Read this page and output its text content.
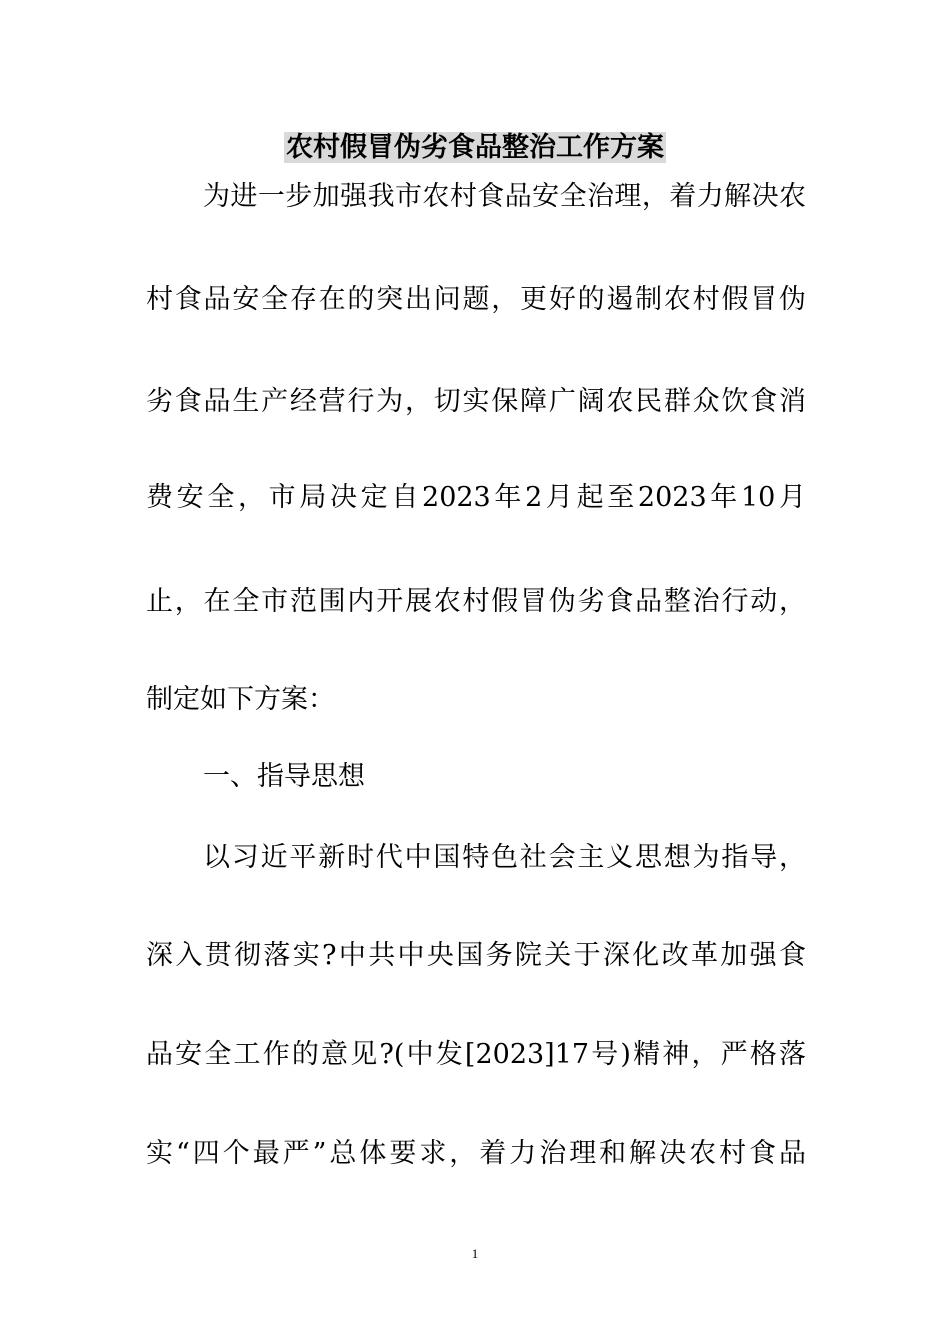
农村假冒伪劣食品整治工作方案
为进一步加强我市农村食品安全治理，着力解决农
村食品安全存在的突出问题，更好的遏制农村假冒伪
劣食品生产经营行为，切实保障广阔农民群众饮食消
费安全，市局决定自2023年2月起至2023年10月
止，在全市范围内开展农村假冒伪劣食品整治行动，
制定如下方案：
一、指导思想
以习近平新时代中国特色社会主义思想为指导，
深入贯彻落实?中共中央国务院关于深化改革加强食
品安全工作的意见?(中发[2023]17号)精神，严格落
实“四个最严”总体要求，着力治理和解决农村食品
1
